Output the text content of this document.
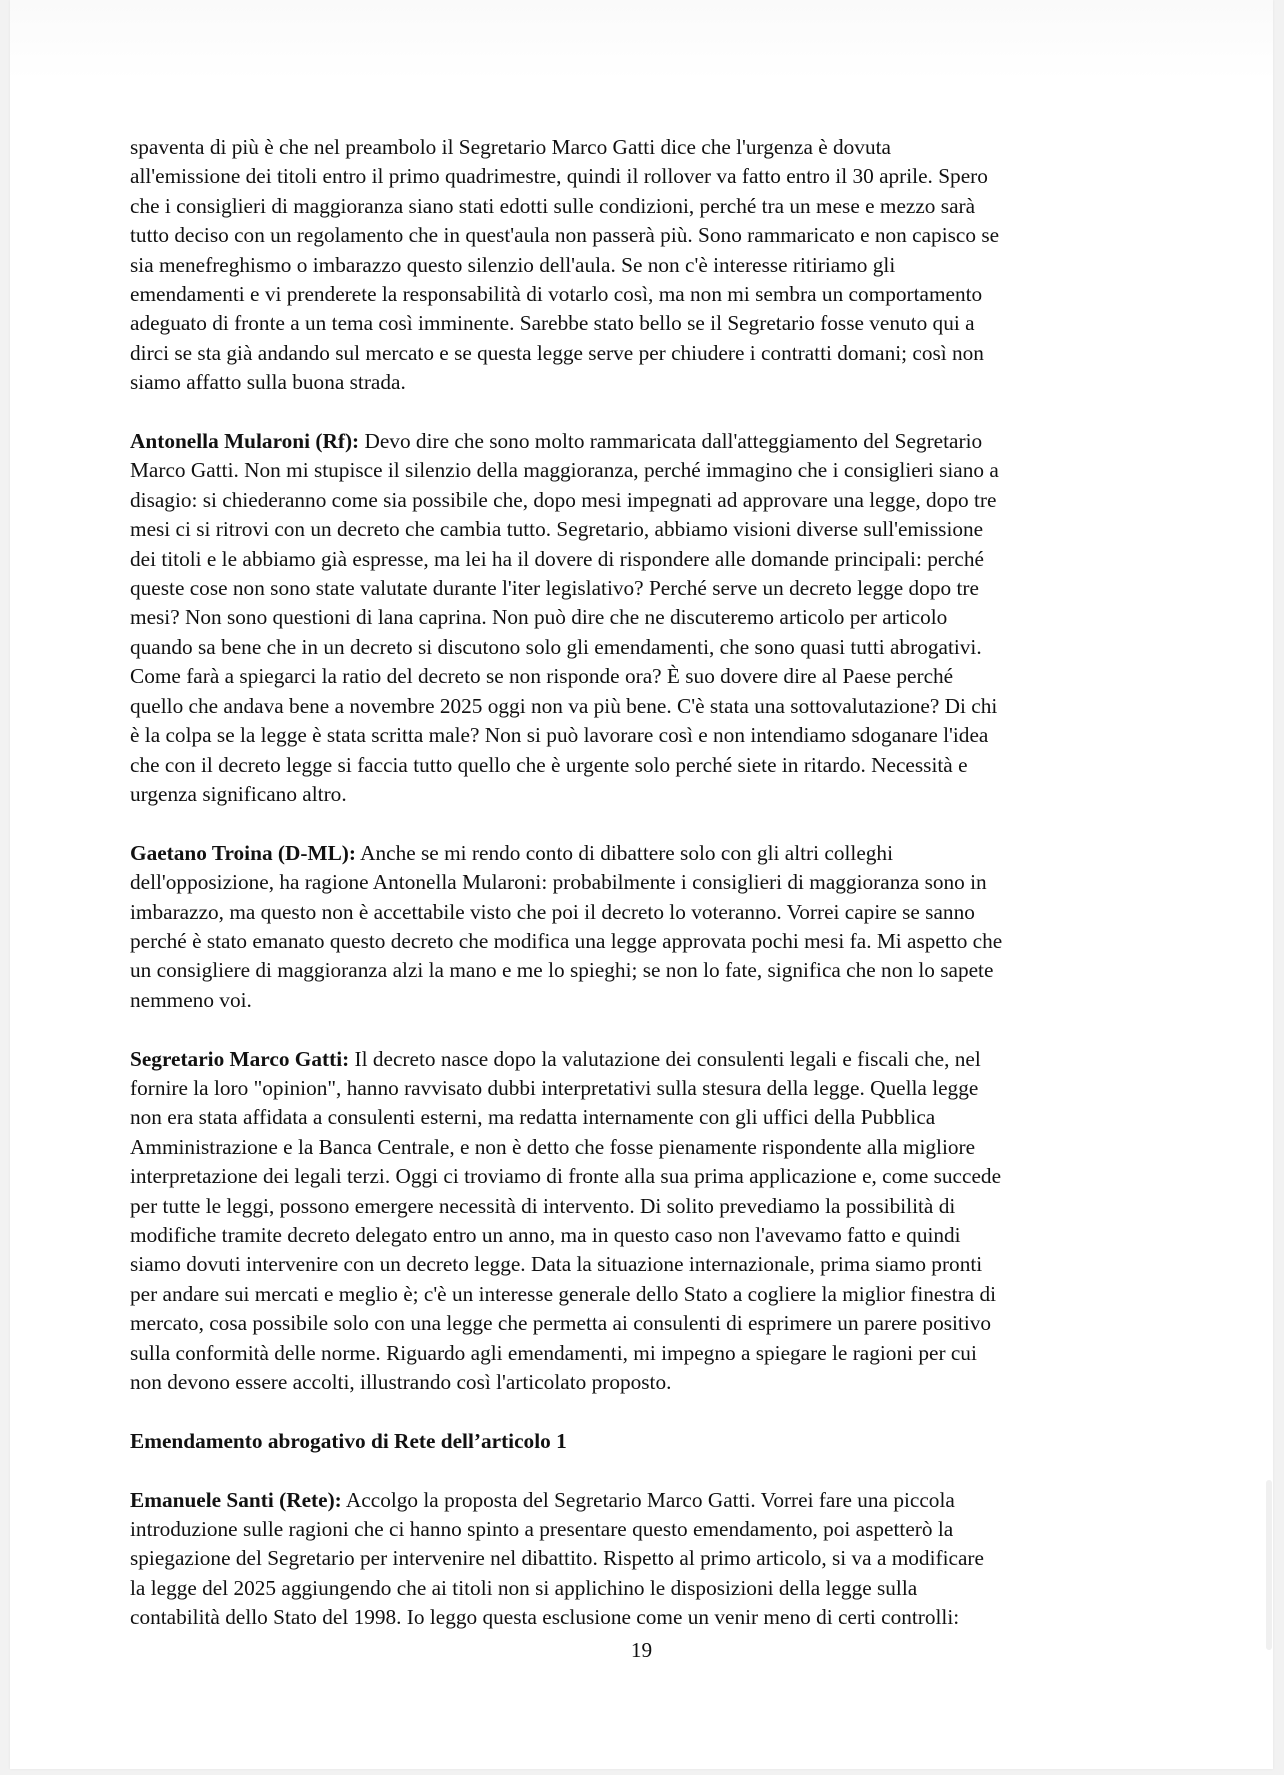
spaventa di più è che nel preambolo il Segretario Marco Gatti dice che l'urgenza è dovuta
all'emissione dei titoli entro il primo quadrimestre, quindi il rollover va fatto entro il 30 aprile. Spero
che i consiglieri di maggioranza siano stati edotti sulle condizioni, perché tra un mese e mezzo sarà
tutto deciso con un regolamento che in quest'aula non passerà più. Sono rammaricato e non capisco se
sia menefreghismo o imbarazzo questo silenzio dell'aula. Se non c'è interesse ritiriamo gli
emendamenti e vi prenderete la responsabilità di votarlo così, ma non mi sembra un comportamento
adeguato di fronte a un tema così imminente. Sarebbe stato bello se il Segretario fosse venuto qui a
dirci se sta già andando sul mercato e se questa legge serve per chiudere i contratti domani; così non
siamo affatto sulla buona strada.

Antonella Mularoni (Rf): Devo dire che sono molto rammaricata dall'atteggiamento del Segretario
Marco Gatti. Non mi stupisce il silenzio della maggioranza, perché immagino che i consiglieri siano a
disagio: si chiederanno come sia possibile che, dopo mesi impegnati ad approvare una legge, dopo tre
mesi ci si ritrovi con un decreto che cambia tutto. Segretario, abbiamo visioni diverse sull'emissione
dei titoli e le abbiamo già espresse, ma lei ha il dovere di rispondere alle domande principali: perché
queste cose non sono state valutate durante l'iter legislativo? Perché serve un decreto legge dopo tre
mesi? Non sono questioni di lana caprina. Non può dire che ne discuteremo articolo per articolo
quando sa bene che in un decreto si discutono solo gli emendamenti, che sono quasi tutti abrogativi.
Come farà a spiegarci la ratio del decreto se non risponde ora? È suo dovere dire al Paese perché
quello che andava bene a novembre 2025 oggi non va più bene. C'è stata una sottovalutazione? Di chi
è la colpa se la legge è stata scritta male? Non si può lavorare così e non intendiamo sdoganare l'idea
che con il decreto legge si faccia tutto quello che è urgente solo perché siete in ritardo. Necessità e
urgenza significano altro.

Gaetano Troina (D-ML): Anche se mi rendo conto di dibattere solo con gli altri colleghi
dell'opposizione, ha ragione Antonella Mularoni: probabilmente i consiglieri di maggioranza sono in
imbarazzo, ma questo non è accettabile visto che poi il decreto lo voteranno. Vorrei capire se sanno
perché è stato emanato questo decreto che modifica una legge approvata pochi mesi fa. Mi aspetto che
un consigliere di maggioranza alzi la mano e me lo spieghi; se non lo fate, significa che non lo sapete
nemmeno voi.

Segretario Marco Gatti: Il decreto nasce dopo la valutazione dei consulenti legali e fiscali che, nel
fornire la loro "opinion", hanno ravvisato dubbi interpretativi sulla stesura della legge. Quella legge
non era stata affidata a consulenti esterni, ma redatta internamente con gli uffici della Pubblica
Amministrazione e la Banca Centrale, e non è detto che fosse pienamente rispondente alla migliore
interpretazione dei legali terzi. Oggi ci troviamo di fronte alla sua prima applicazione e, come succede
per tutte le leggi, possono emergere necessità di intervento. Di solito prevediamo la possibilità di
modifiche tramite decreto delegato entro un anno, ma in questo caso non l'avevamo fatto e quindi
siamo dovuti intervenire con un decreto legge. Data la situazione internazionale, prima siamo pronti
per andare sui mercati e meglio è; c'è un interesse generale dello Stato a cogliere la miglior finestra di
mercato, cosa possibile solo con una legge che permetta ai consulenti di esprimere un parere positivo
sulla conformità delle norme. Riguardo agli emendamenti, mi impegno a spiegare le ragioni per cui
non devono essere accolti, illustrando così l'articolato proposto.

Emendamento abrogativo di Rete dell’articolo 1

Emanuele Santi (Rete): Accolgo la proposta del Segretario Marco Gatti. Vorrei fare una piccola
introduzione sulle ragioni che ci hanno spinto a presentare questo emendamento, poi aspetterò la
spiegazione del Segretario per intervenire nel dibattito. Rispetto al primo articolo, si va a modificare
la legge del 2025 aggiungendo che ai titoli non si applichino le disposizioni della legge sulla
contabilità dello Stato del 1998. Io leggo questa esclusione come un venir meno di certi controlli:

19
